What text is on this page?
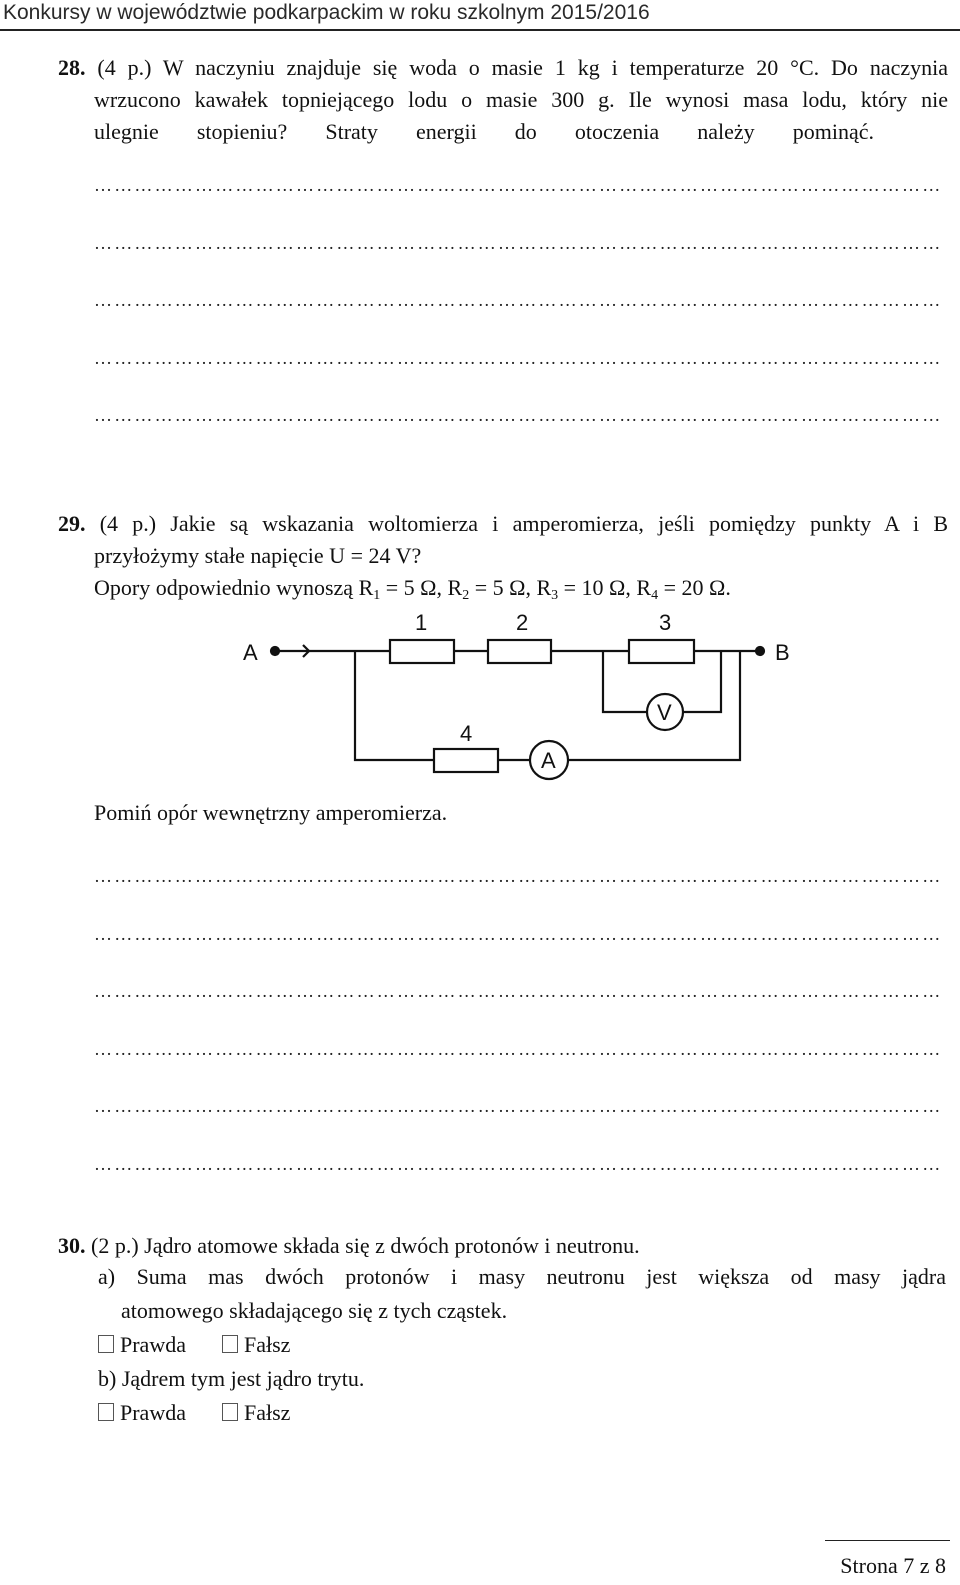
Konkursy w województwie podkarpackim w roku szkolnym 2015/2016
28. (4 p.) W naczyniu znajduje się woda o masie 1 kg i temperaturze 20 °C. Do naczynia
wrzucono kawałek topniejącego lodu o masie 300 g. Ile wynosi masa lodu, który nie
ulegnie stopieniu? Straty energii do otoczenia należy pominąć.
………………………………………………………………………………………………………………
………………………………………………………………………………………………………………
………………………………………………………………………………………………………………
………………………………………………………………………………………………………………
………………………………………………………………………………………………………………
29. (4 p.) Jakie są wskazania woltomierza i amperomierza, jeśli pomiędzy punkty A i B
przyłożymy stałe napięcie U = 24 V?
Opory odpowiednio wynoszą $R_1 = 5$ Ω, $R_2 = 5$ Ω, $R_3 = 10$ Ω, $R_4 = 20$ Ω.
A
1	2	3
B
V
4
A
Pomiń opór wewnętrzny amperomierza.
………………………………………………………………………………………………………………
………………………………………………………………………………………………………………
………………………………………………………………………………………………………………
………………………………………………………………………………………………………………
………………………………………………………………………………………………………………
………………………………………………………………………………………………………………
30. (2 p.) Jądro atomowe składa się z dwóch protonów i neutronu.
a) Suma mas dwóch protonów i masy neutronu jest większa od masy jądra
atomowego składającego się z tych cząstek.
Prawda	Fałsz
b) Jądrem tym jest jądro trytu.
Prawda	Fałsz
Strona 7 z 8
